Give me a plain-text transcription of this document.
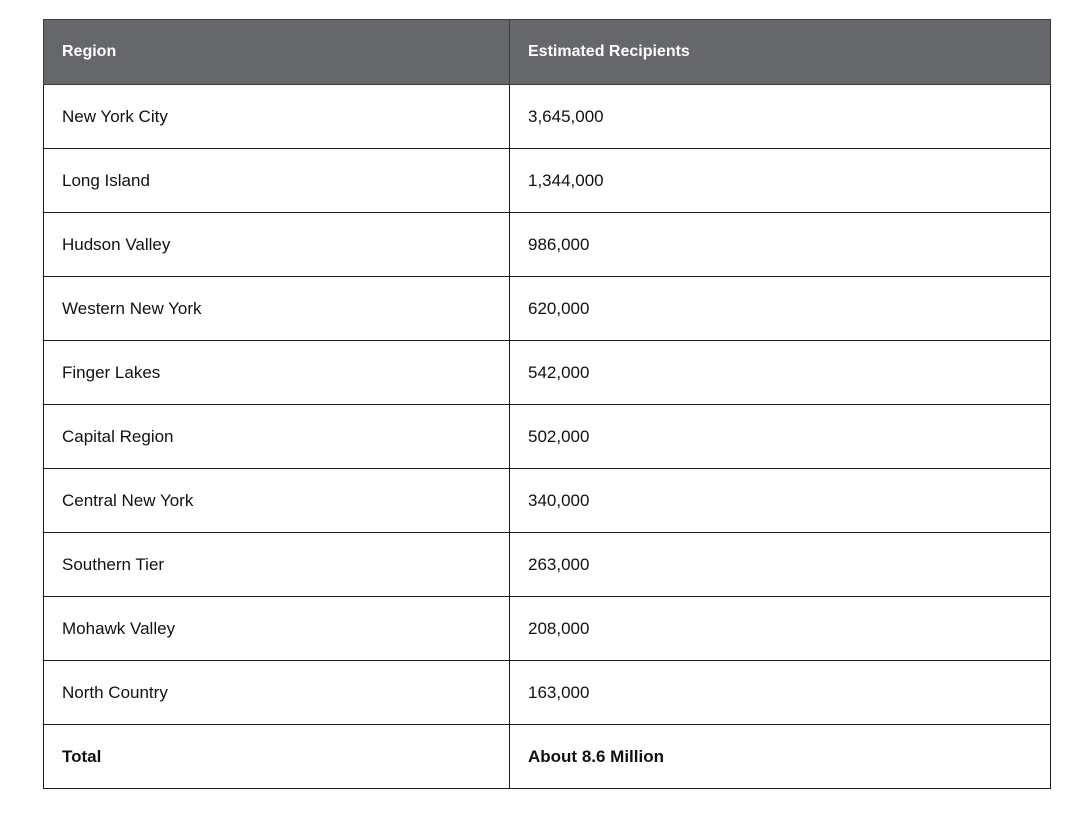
Region	Estimated Recipients
New York City	3,645,000
Long Island	1,344,000
Hudson Valley	986,000
Western New York	620,000
Finger Lakes	542,000
Capital Region	502,000
Central New York	340,000
Southern Tier	263,000
Mohawk Valley	208,000
North Country	163,000
Total	About 8.6 Million
